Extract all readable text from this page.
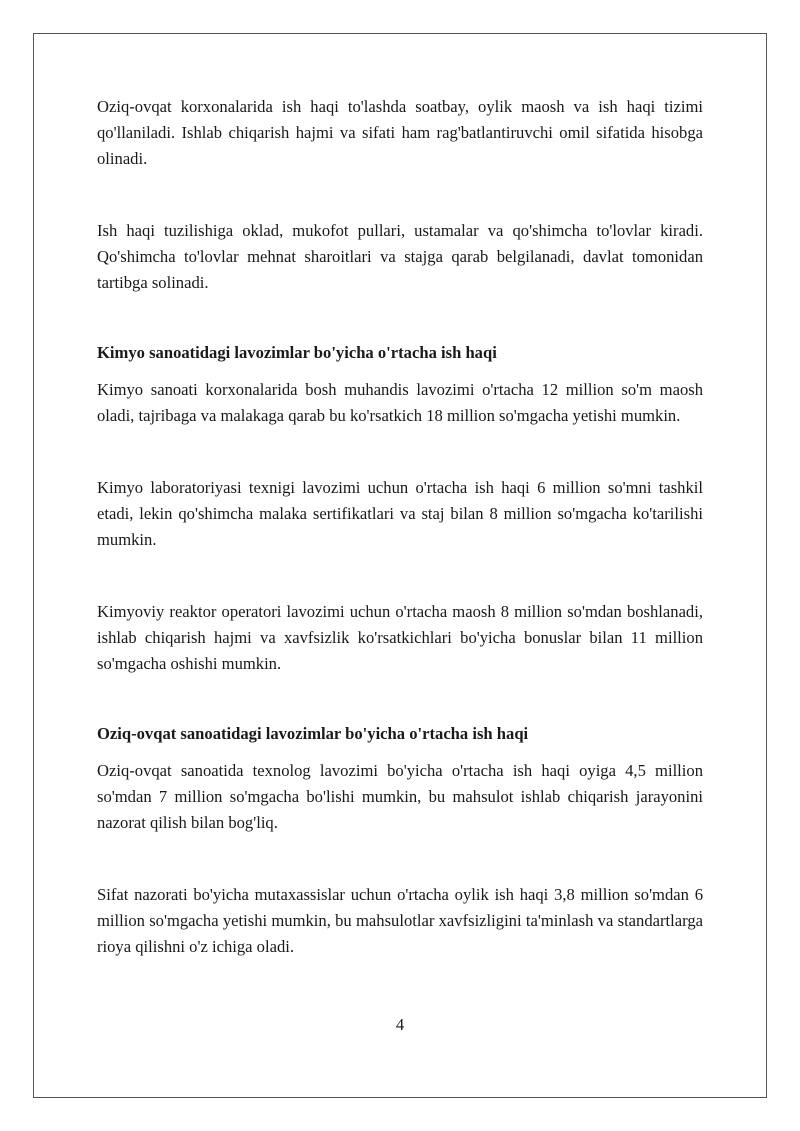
Oziq-ovqat korxonalarida ish haqi to'lashda soatbay, oylik maosh va ish haqi tizimi qo'llaniladi. Ishlab chiqarish hajmi va sifati ham rag'batlantiruvchi omil sifatida hisobga olinadi.

Ish haqi tuzilishiga oklad, mukofot pullari, ustamalar va qo'shimcha to'lovlar kiradi. Qo'shimcha to'lovlar mehnat sharoitlari va stajga qarab belgilanadi, davlat tomonidan tartibga solinadi.

Kimyo sanoatidagi lavozimlar bo'yicha o'rtacha ish haqi

Kimyo sanoati korxonalarida bosh muhandis lavozimi o'rtacha 12 million so'm maosh oladi, tajribaga va malakaga qarab bu ko'rsatkich 18 million so'mgacha yetishi mumkin.

Kimyo laboratoriyasi texnigi lavozimi uchun o'rtacha ish haqi 6 million so'mni tashkil etadi, lekin qo'shimcha malaka sertifikatlari va staj bilan 8 million so'mgacha ko'tarilishi mumkin.

Kimyoviy reaktor operatori lavozimi uchun o'rtacha maosh 8 million so'mdan boshlanadi, ishlab chiqarish hajmi va xavfsizlik ko'rsatkichlari bo'yicha bonuslar bilan 11 million so'mgacha oshishi mumkin.

Oziq-ovqat sanoatidagi lavozimlar bo'yicha o'rtacha ish haqi

Oziq-ovqat sanoatida texnolog lavozimi bo'yicha o'rtacha ish haqi oyiga 4,5 million so'mdan 7 million so'mgacha bo'lishi mumkin, bu mahsulot ishlab chiqarish jarayonini nazorat qilish bilan bog'liq.

Sifat nazorati bo'yicha mutaxassislar uchun o'rtacha oylik ish haqi 3,8 million so'mdan 6 million so'mgacha yetishi mumkin, bu mahsulotlar xavfsizligini ta'minlash va standartlarga rioya qilishni o'z ichiga oladi.

4
